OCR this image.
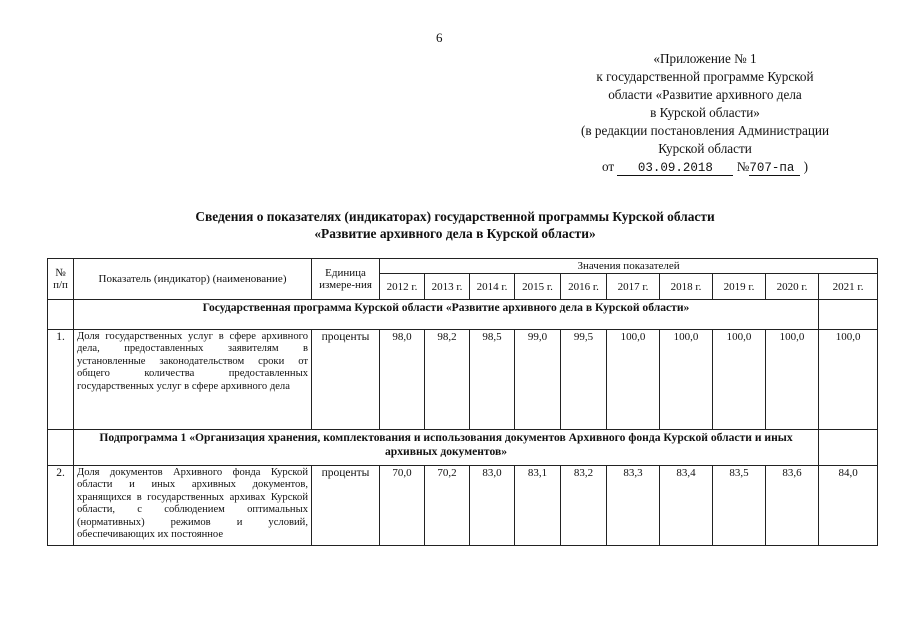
6
«Приложение № 1
к государственной программе Курской
области «Развитие архивного дела
в Курской области»
(в редакции постановления Администрации
Курской области
от 03.09.2018 №707-па )
Сведения о показателях (индикаторах) государственной программы Курской области
«Развитие архивного дела в Курской области»
№ п/п	Показатель (индикатор) (наименование)	Единица измере-ния	Значения показателей									
			2012 г.	2013 г.	2014 г.	2015 г.	2016 г.	2017 г.	2018 г.	2019 г.	2020 г.	2021 г.
	Государственная программа Курской области «Развитие архивного дела в Курской области»											
1.	Доля государственных услуг в сфере архивного дела, предоставленных заявителям в установленные законодательством сроки от общего количества предоставленных государственных услуг в сфере архивного дела	проценты	98,0	98,2	98,5	99,0	99,5	100,0	100,0	100,0	100,0	100,0
	Подпрограмма 1 «Организация хранения, комплектования и использования документов Архивного фонда Курской области и иных архивных документов»											
2.	Доля документов Архивного фонда Курской области и иных архивных документов, хранящихся в государственных архивах Курской области, с соблюдением оптимальных (нормативных) режимов и условий, обеспечивающих их постоянное	проценты	70,0	70,2	83,0	83,1	83,2	83,3	83,4	83,5	83,6	84,0
